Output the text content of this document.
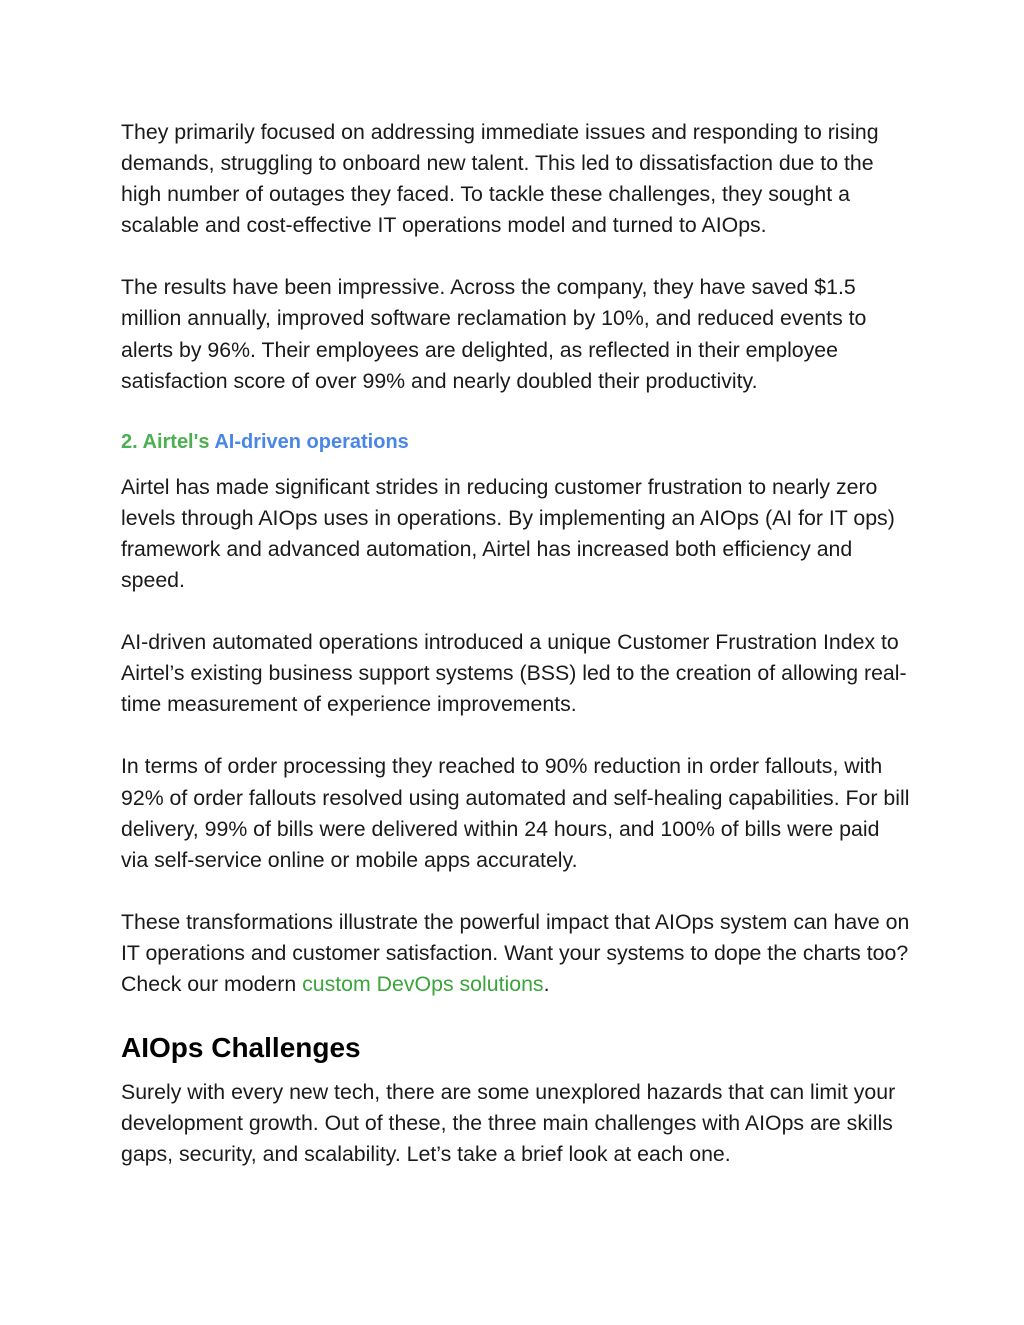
They primarily focused on addressing immediate issues and responding to rising demands, struggling to onboard new talent. This led to dissatisfaction due to the high number of outages they faced. To tackle these challenges, they sought a scalable and cost-effective IT operations model and turned to AIOps.

The results have been impressive. Across the company, they have saved $1.5 million annually, improved software reclamation by 10%, and reduced events to alerts by 96%. Their employees are delighted, as reflected in their employee satisfaction score of over 99% and nearly doubled their productivity.

2. Airtel's AI-driven operations

Airtel has made significant strides in reducing customer frustration to nearly zero levels through AIOps uses in operations. By implementing an AIOps (AI for IT ops) framework and advanced automation, Airtel has increased both efficiency and speed.

AI-driven automated operations introduced a unique Customer Frustration Index to Airtel’s existing business support systems (BSS) led to the creation of allowing real-time measurement of experience improvements.

In terms of order processing they reached to 90% reduction in order fallouts, with 92% of order fallouts resolved using automated and self-healing capabilities. For bill delivery, 99% of bills were delivered within 24 hours, and 100% of bills were paid via self-service online or mobile apps accurately.

These transformations illustrate the powerful impact that AIOps system can have on IT operations and customer satisfaction. Want your systems to dope the charts too? Check our modern custom DevOps solutions.

AIOps Challenges

Surely with every new tech, there are some unexplored hazards that can limit your development growth. Out of these, the three main challenges with AIOps are skills gaps, security, and scalability. Let’s take a brief look at each one.
